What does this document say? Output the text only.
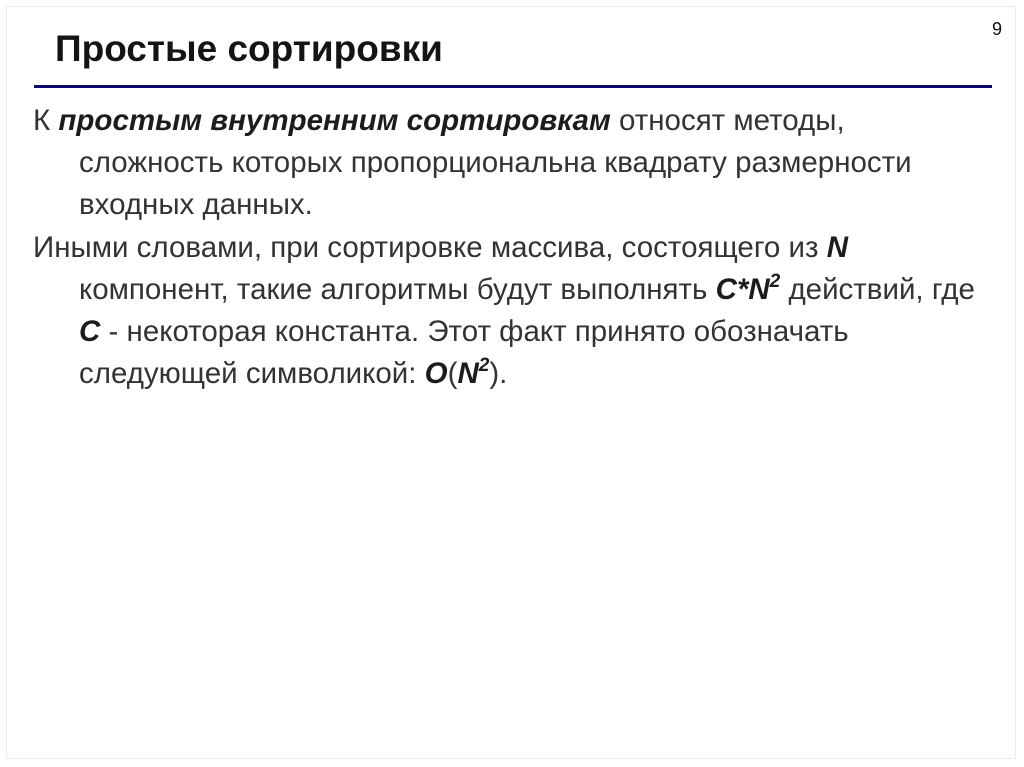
9
Простые сортировки

К простым внутренним сортировкам относят методы, сложность которых пропорциональна квадрату размерности входных данных.

Иными словами, при сортировке массива, состоящего из N компонент, такие алгоритмы будут выполнять $C*N^2$ действий, где C - некоторая константа. Этот факт принято обозначать следующей символикой: $O(N^2)$.
